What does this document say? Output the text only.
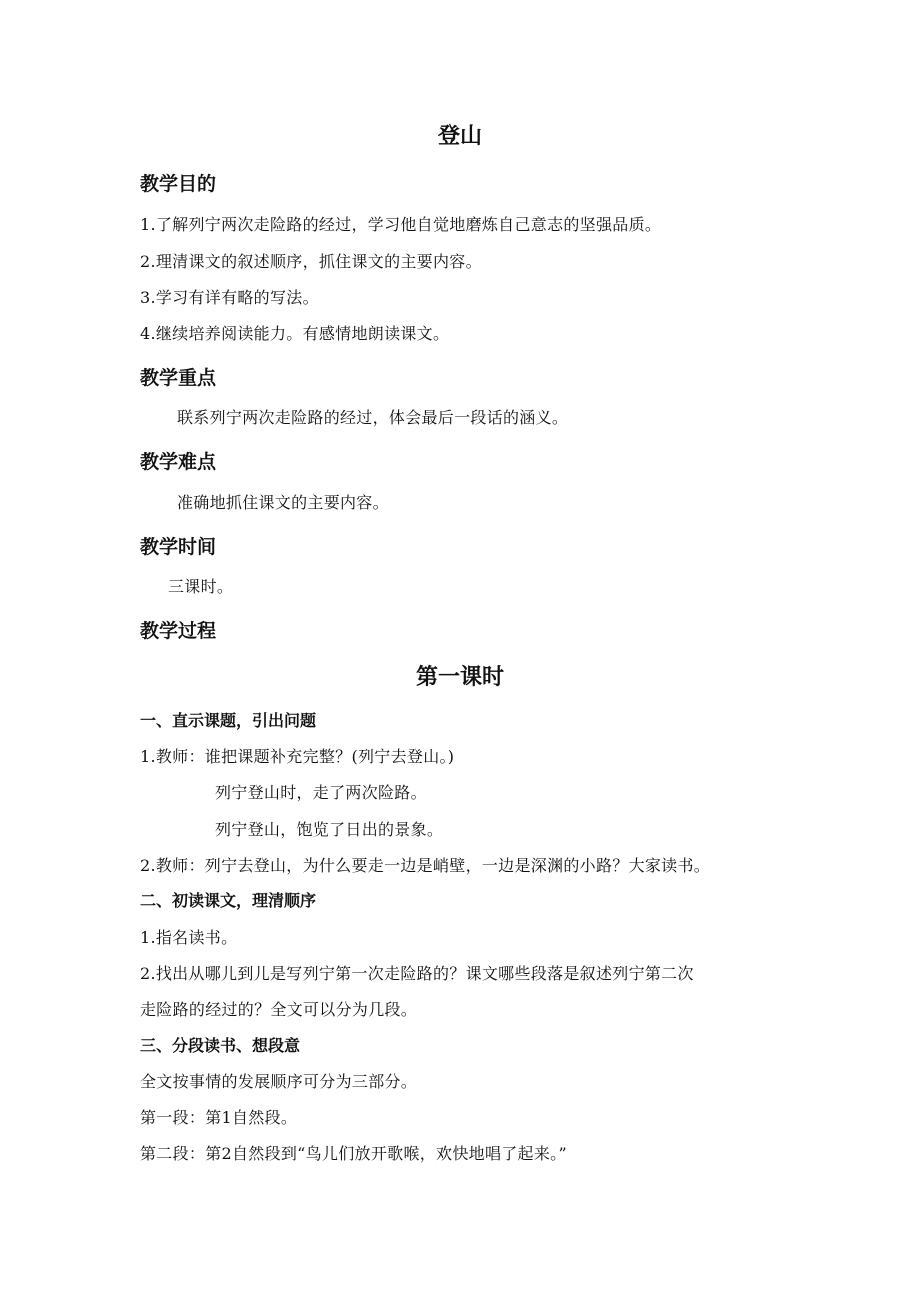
登山
教学目的
1.了解列宁两次走险路的经过，学习他自觉地磨炼自己意志的坚强品质。
2.理清课文的叙述顺序，抓住课文的主要内容。
3.学习有详有略的写法。
4.继续培养阅读能力。有感情地朗读课文。
教学重点
联系列宁两次走险路的经过，体会最后一段话的涵义。
教学难点
准确地抓住课文的主要内容。
教学时间
三课时。
教学过程
第一课时
一、直示课题，引出问题
1.教师：谁把课题补充完整？(列宁去登山。)
列宁登山时，走了两次险路。
列宁登山，饱览了日出的景象。
2.教师：列宁去登山，为什么要走一边是峭壁，一边是深渊的小路？大家读书。
二、初读课文，理清顺序
1.指名读书。
2.找出从哪儿到儿是写列宁第一次走险路的？课文哪些段落是叙述列宁第二次
走险路的经过的？全文可以分为几段。
三、分段读书、想段意
全文按事情的发展顺序可分为三部分。
第一段：第1自然段。
第二段：第2自然段到“鸟儿们放开歌喉，欢快地唱了起来。”
